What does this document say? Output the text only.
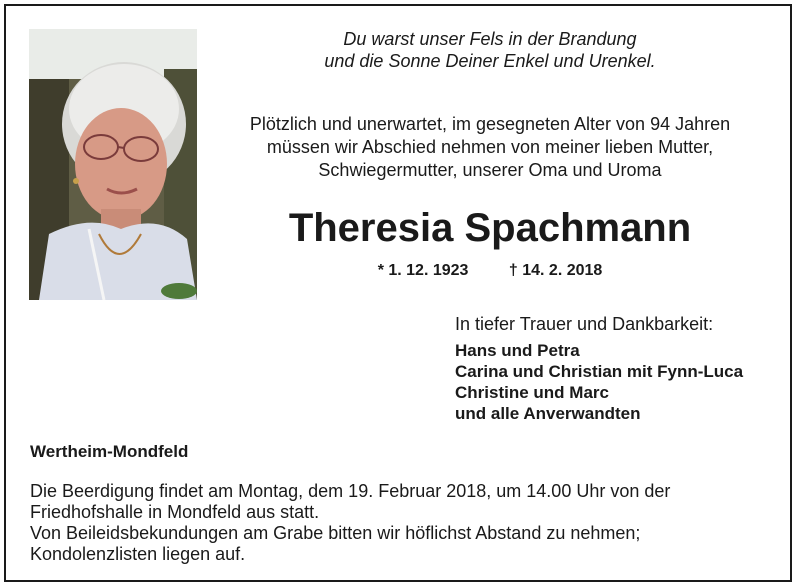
Du warst unser Fels in der Brandung
und die Sonne Deiner Enkel und Urenkel.

Plötzlich und unerwartet, im gesegneten Alter von 94 Jahren
müssen wir Abschied nehmen von meiner lieben Mutter,
Schwiegermutter, unserer Oma und Uroma

Theresia Spachmann
* 1. 12. 1923	† 14. 2. 2018

In tiefer Trauer und Dankbarkeit:

Hans und Petra
Carina und Christian mit Fynn-Luca
Christine und Marc
und alle Anverwandten

Wertheim-Mondfeld

Die Beerdigung findet am Montag, dem 19. Februar 2018, um 14.00 Uhr von der
Friedhofshalle in Mondfeld aus statt.
Von Beileidsbekundungen am Grabe bitten wir höflichst Abstand zu nehmen;
Kondolenzlisten liegen auf.
